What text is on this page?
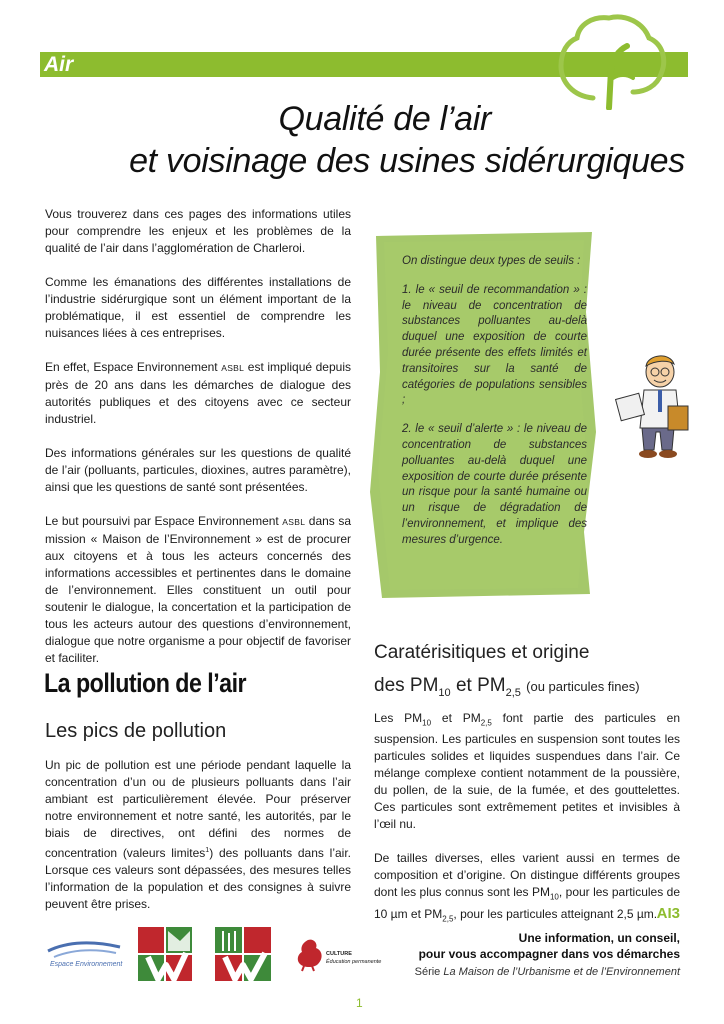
Air
Qualité de l’air
et voisinage des usines sidérurgiques

Vous trouverez dans ces pages des informations utiles pour comprendre les enjeux et les problèmes de la qualité de l’air dans l’agglomération de Charleroi.

Comme les émanations des différentes installations de l’industrie sidérurgique sont un élément important de la problématique, il est essentiel de comprendre les nuisances liées à ces entreprises.

En effet, Espace Environnement ASBL est impliqué depuis près de 20 ans dans les démarches de dialogue des autorités publiques et des citoyens avec ce secteur industriel.

Des informations générales sur les questions de qualité de l’air (polluants, particules, dioxines, autres paramètre), ainsi que les questions de santé sont présentées.

Le but poursuivi par Espace Environnement ASBL dans sa mission « Maison de l’Environnement » est de procurer aux citoyens et à tous les acteurs concernés des informations accessibles et pertinentes dans le domaine de l’environnement. Elles constituent un outil pour soutenir le dialogue, la concertation et la participation de tous les acteurs autour des questions d’environnement, dialogue que notre organisme a pour objectif de favoriser et faciliter.

La pollution de l’air
Les pics de pollution

Un pic de pollution est une période pendant laquelle la concentration d’un ou de plusieurs polluants dans l’air ambiant est particulièrement élevée. Pour préserver notre environnement et notre santé, les autorités, par le biais de directives, ont défini des normes de concentration (valeurs limites$^1$) des polluants dans l’air. Lorsque ces valeurs sont dépassées, des mesures telles l’information de la population et des consignes à suivre peuvent être prises.

On distingue deux types de seuils :

1. le « seuil de recommandation » : le niveau de concentration de substances polluantes au-delà duquel une exposition de courte durée présente des effets limités et transitoires sur la santé de catégories de populations sensibles ;

2. le « seuil d’alerte » : le niveau de concentration de substances polluantes au-delà duquel une exposition de courte durée présente un risque pour la santé humaine ou un risque de dégradation de l’environnement, et implique des mesures d’urgence.

Caratérisitiques et origine
des $PM_{10}$ et $PM_{2,5}$ (ou particules fines)

Les $PM_{10}$ et $PM_{2,5}$ font partie des particules en suspension. Les particules en suspension sont toutes les particules solides et liquides suspendues dans l’air. Ce mélange complexe contient notamment de la poussière, du pollen, de la suie, de la fumée, et des gouttelettes. Ces particules sont extrêmement petites et invisibles à l’œil nu.

De tailles diverses, elles varient aussi en termes de composition et d’origine. On distingue différents groupes dont les plus connus sont les $PM_{10}$, pour les particules de 10 µm et $PM_{2,5}$, pour les particules atteignant 2,5 µm. AI3
Une information, un conseil,
pour vous accompagner dans vos démarches
Série La Maison de l’Urbanisme et de l’Environnement
Espace Environnement
CULTURE
Éducation permanente
1
